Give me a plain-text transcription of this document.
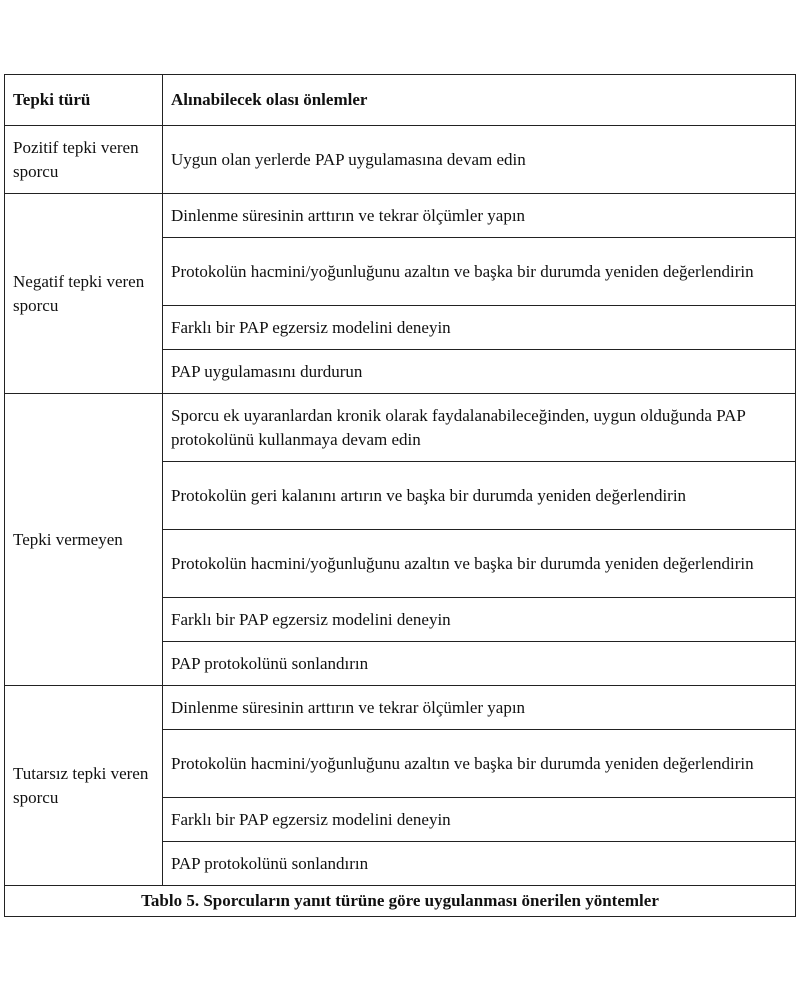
Tepki türü	Alınabilecek olası önlemler
Pozitif tepki veren sporcu	Uygun olan yerlerde PAP uygulamasına devam edin
Negatif tepki veren sporcu	Dinlenme süresinin arttırın ve tekrar ölçümler yapın
	Protokolün hacmini/yoğunluğunu azaltın ve başka bir durumda yeniden değerlendirin
	Farklı bir PAP egzersiz modelini deneyin
	PAP uygulamasını durdurun
Tepki vermeyen	Sporcu ek uyaranlardan kronik olarak faydalanabileceğinden, uygun olduğunda PAP protokolünü kullanmaya devam edin
	Protokolün geri kalanını artırın ve başka bir durumda yeniden değerlendirin
	Protokolün hacmini/yoğunluğunu azaltın ve başka bir durumda yeniden değerlendirin
	Farklı bir PAP egzersiz modelini deneyin
	PAP protokolünü sonlandırın
Tutarsız tepki veren sporcu	Dinlenme süresinin arttırın ve tekrar ölçümler yapın
	Protokolün hacmini/yoğunluğunu azaltın ve başka bir durumda yeniden değerlendirin
	Farklı bir PAP egzersiz modelini deneyin
	PAP protokolünü sonlandırın
Tablo 5. Sporcuların yanıt türüne göre uygulanması önerilen yöntemler	
